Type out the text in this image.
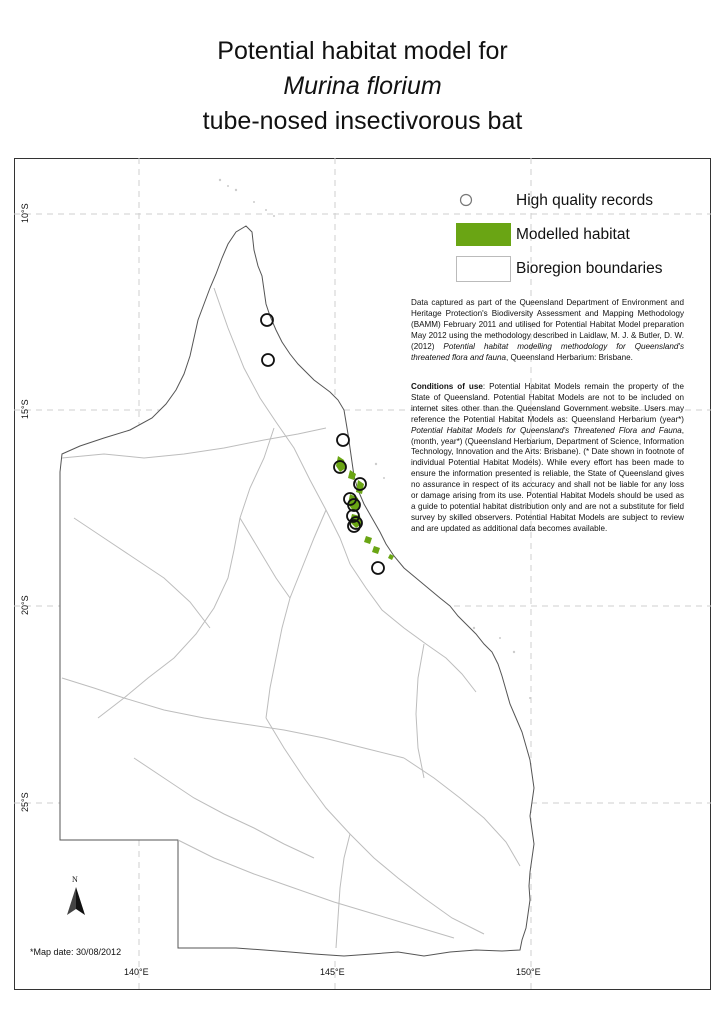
Potential habitat model for
Murina florium
tube-nosed insectivorous bat
10°S
15°S
20°S
25°S
140°E	145°E	150°E
High quality records
Modelled habitat
Bioregion boundaries
Data captured as part of the Queensland Department of Environment and Heritage Protection's Biodiversity Assessment and Mapping Methodology (BAMM) February 2011 and utilised for Potential Habitat Model preparation May 2012 using the methodology described in Laidlaw, M. J. & Butler, D. W. (2012) Potential habitat modelling methodology for Queensland's threatened flora and fauna, Queensland Herbarium: Brisbane.
Conditions of use: Potential Habitat Models remain the property of the State of Queensland. Potential Habitat Models are not to be included on internet sites other than the Queensland Government website. Users may reference the Potential Habitat Models as: Queensland Herbarium (year*) Potential Habitat Models for Queensland's Threatened Flora and Fauna, (month, year*) (Queensland Herbarium, Department of Science, Information Technology, Innovation and the Arts: Brisbane). (* Date shown in footnote of individual Potential Habitat Models). While every effort has been made to ensure the information presented is reliable, the State of Queensland gives no assurance in respect of its accuracy and shall not be liable for any loss or damage arising from its use. Potential Habitat Models should be used as a guide to potential habitat distribution only and are not a substitute for field survey by skilled observers. Potential Habitat Models are subject to review and are updated as additional data becomes available.
N
*Map date: 30/08/2012
